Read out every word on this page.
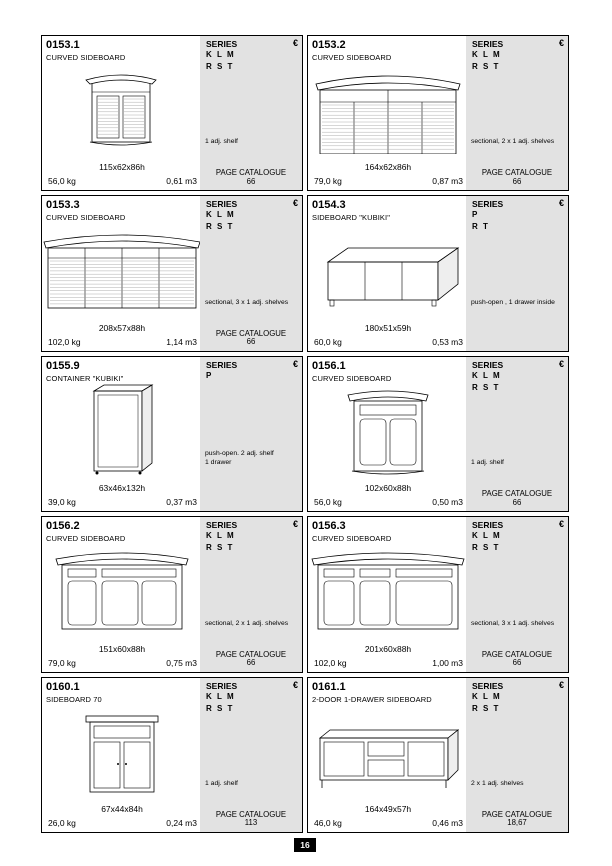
0153.1
CURVED SIDEBOARD
115x62x86h
56,0 kg	0,61 m3
SERIES	€
K L M
R S T
1 adj. shelf
PAGE CATALOGUE
66
0153.2
CURVED SIDEBOARD
164x62x86h
79,0 kg	0,87 m3
SERIES	€
K L M
R S T
sectional, 2 x 1 adj. shelves
PAGE CATALOGUE
66
0153.3
CURVED SIDEBOARD
208x57x88h
102,0 kg	1,14 m3
SERIES	€
K L M
R S T
sectional, 3 x 1 adj. shelves
PAGE CATALOGUE
66
0154.3
SIDEBOARD "KUBIKI"
180x51x59h
60,0 kg	0,53 m3
SERIES	€
P
R T
push-open , 1 drawer inside
0155.9
CONTAINER "KUBIKI"
63x46x132h
39,0 kg	0,37 m3
SERIES	€
P
push-open. 2 adj. shelf
1 drawer
0156.1
CURVED SIDEBOARD
102x60x88h
56,0 kg	0,50 m3
SERIES	€
K L M
R S T
1 adj. shelf
PAGE CATALOGUE
66
0156.2
CURVED SIDEBOARD
151x60x88h
79,0 kg	0,75 m3
SERIES	€
K L M
R S T
sectional, 2 x 1 adj. shelves
PAGE CATALOGUE
66
0156.3
CURVED SIDEBOARD
201x60x88h
102,0 kg	1,00 m3
SERIES	€
K L M
R S T
sectional, 3 x 1 adj. shelves
PAGE CATALOGUE
66
0160.1
SIDEBOARD 70
67x44x84h
26,0 kg	0,24 m3
SERIES	€
K L M
R S T
1 adj. shelf
PAGE CATALOGUE
113
0161.1
2-DOOR 1-DRAWER SIDEBOARD
164x49x57h
46,0 kg	0,46 m3
SERIES	€
K L M
R S T
2 x 1 adj. shelves
PAGE CATALOGUE
18,67
16
